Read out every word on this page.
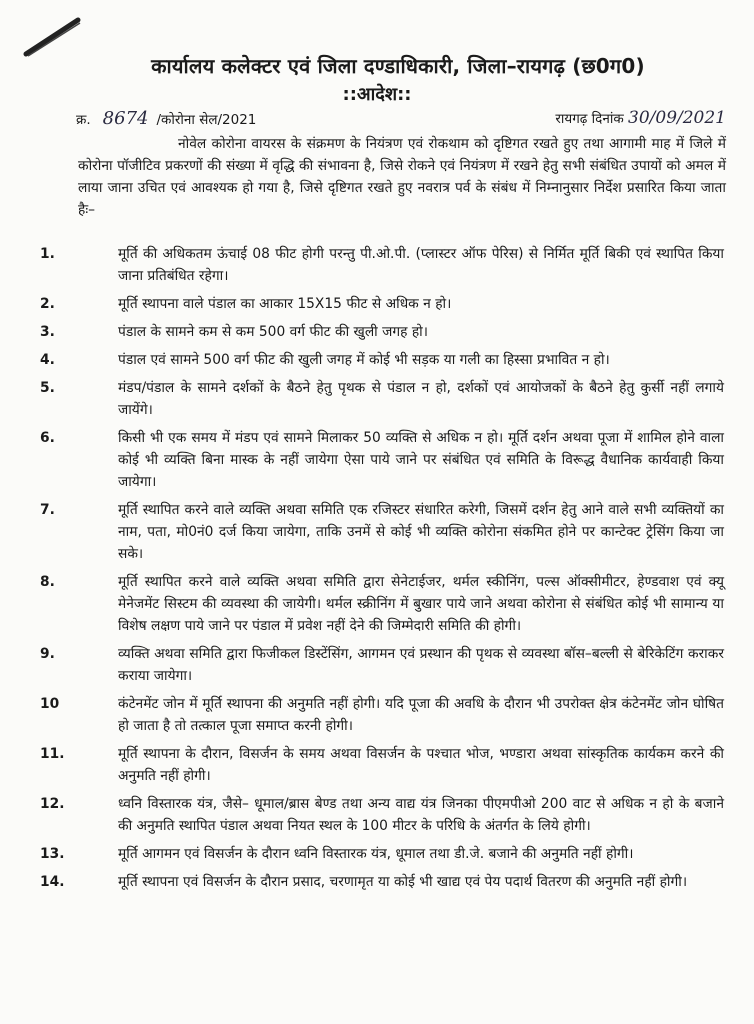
कार्यालय कलेक्टर एवं जिला दण्डाधिकारी, जिला–रायगढ़ (छ0ग0)
::आदेश::
क्र. 8674 /कोरोना सेल/2021	रायगढ़ दिनांक 30/09/2021
नोवेल कोरोना वायरस के संक्रमण के नियंत्रण एवं रोकथाम को दृष्टिगत रखते हुए तथा आगामी माह में जिले में कोरोना पॉजीटिव प्रकरणों की संख्या में वृद्धि की संभावना है, जिसे रोकने एवं नियंत्रण में रखने हेतु सभी संबंधित उपायों को अमल में लाया जाना उचित एवं आवश्यक हो गया है, जिसे दृष्टिगत रखते हुए नवरात्र पर्व के संबंध में निम्नानुसार निर्देश प्रसारित किया जाता हैः–
1.	मूर्ति की अधिकतम ऊंचाई 08 फीट होगी परन्तु पी.ओ.पी. (प्लास्टर ऑफ पेरिस) से निर्मित मूर्ति बिकी एवं स्थापित किया जाना प्रतिबंधित रहेगा।
2.	मूर्ति स्थापना वाले पंडाल का आकार 15X15 फीट से अधिक न हो।
3.	पंडाल के सामने कम से कम 500 वर्ग फीट की खुली जगह हो।
4.	पंडाल एवं सामने 500 वर्ग फीट की खुली जगह में कोई भी सड़क या गली का हिस्सा प्रभावित न हो।
5.	मंडप/पंडाल के सामने दर्शकों के बैठने हेतु पृथक से पंडाल न हो, दर्शकों एवं आयोजकों के बैठने हेतु कुर्सी नहीं लगाये जायेंगे।
6.	किसी भी एक समय में मंडप एवं सामने मिलाकर 50 व्यक्ति से अधिक न हो। मूर्ति दर्शन अथवा पूजा में शामिल होने वाला कोई भी व्यक्ति बिना मास्क के नहीं जायेगा ऐसा पाये जाने पर संबंधित एवं समिति के विरूद्ध वैधानिक कार्यवाही किया जायेगा।
7.	मूर्ति स्थापित करने वाले व्यक्ति अथवा समिति एक रजिस्टर संधारित करेगी, जिसमें दर्शन हेतु आने वाले सभी व्यक्तियों का नाम, पता, मो0नं0 दर्ज किया जायेगा, ताकि उनमें से कोई भी व्यक्ति कोरोना संकमित होने पर कान्टेक्ट ट्रेसिंग किया जा सके।
8.	मूर्ति स्थापित करने वाले व्यक्ति अथवा समिति द्वारा सेनेटाईजर, थर्मल स्कीनिंग, पल्स ऑक्सीमीटर, हेण्डवाश एवं क्यू मेनेजमेंट सिस्टम की व्यवस्था की जायेगी। थर्मल स्क्रीनिंग में बुखार पाये जाने अथवा कोरोना से संबंधित कोई भी सामान्य या विशेष लक्षण पाये जाने पर पंडाल में प्रवेश नहीं देने की जिम्मेदारी समिति की होगी।
9.	व्यक्ति अथवा समिति द्वारा फिजीकल डिस्टेंसिंग, आगमन एवं प्रस्थान की पृथक से व्यवस्था बॉस–बल्ली से बेरिकेटिंग कराकर कराया जायेगा।
10	कंटेनमेंट जोन में मूर्ति स्थापना की अनुमति नहीं होगी। यदि पूजा की अवधि के दौरान भी उपरोक्त क्षेत्र कंटेनमेंट जोन घोषित हो जाता है तो तत्काल पूजा समाप्त करनी होगी।
11.	मूर्ति स्थापना के दौरान, विसर्जन के समय अथवा विसर्जन के पश्चात भोज, भण्डारा अथवा सांस्कृतिक कार्यकम करने की अनुमति नहीं होगी।
12.	ध्वनि विस्तारक यंत्र, जैसे– धूमाल/ब्रास बेण्ड तथा अन्य वाद्य यंत्र जिनका पीएमपीओ 200 वाट से अधिक न हो के बजाने की अनुमति स्थापित पंडाल अथवा नियत स्थल के 100 मीटर के परिधि के अंतर्गत के लिये होगी।
13.	मूर्ति आगमन एवं विसर्जन के दौरान ध्वनि विस्तारक यंत्र, धूमाल तथा डी.जे. बजाने की अनुमति नहीं होगी।
14.	मूर्ति स्थापना एवं विसर्जन के दौरान प्रसाद, चरणामृत या कोई भी खाद्य एवं पेय पदार्थ वितरण की अनुमति नहीं होगी।
